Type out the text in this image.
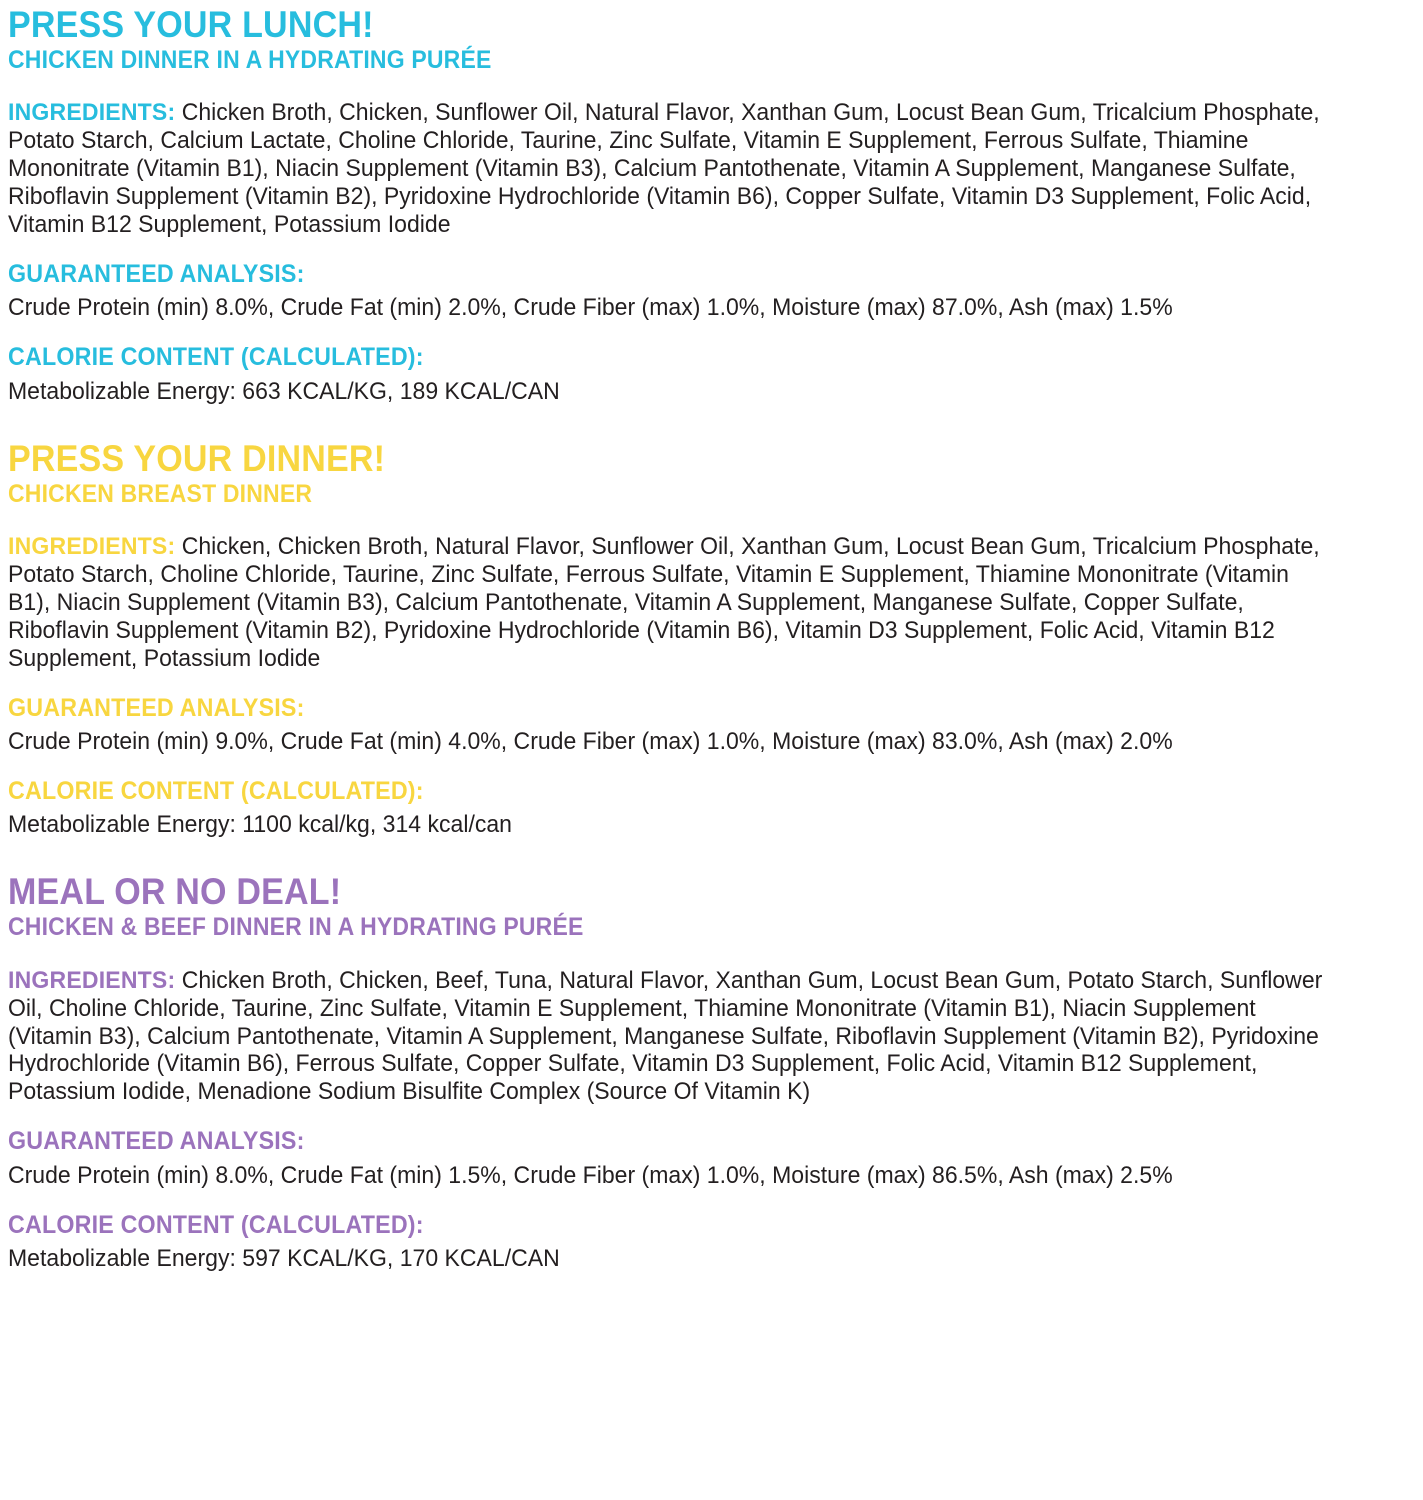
PRESS YOUR LUNCH!
CHICKEN DINNER IN A HYDRATING PURÉE

INGREDIENTS: Chicken Broth, Chicken, Sunflower Oil, Natural Flavor, Xanthan Gum, Locust Bean Gum, Tricalcium Phosphate, Potato Starch, Calcium Lactate, Choline Chloride, Taurine, Zinc Sulfate, Vitamin E Supplement, Ferrous Sulfate, Thiamine Mononitrate (Vitamin B1), Niacin Supplement (Vitamin B3), Calcium Pantothenate, Vitamin A Supplement, Manganese Sulfate, Riboflavin Supplement (Vitamin B2), Pyridoxine Hydrochloride (Vitamin B6), Copper Sulfate, Vitamin D3 Supplement, Folic Acid, Vitamin B12 Supplement, Potassium Iodide

GUARANTEED ANALYSIS:

Crude Protein (min) 8.0%, Crude Fat (min) 2.0%, Crude Fiber (max) 1.0%, Moisture (max) 87.0%, Ash (max) 1.5%

CALORIE CONTENT (CALCULATED):

Metabolizable Energy: 663 KCAL/KG, 189 KCAL/CAN

PRESS YOUR DINNER!
CHICKEN BREAST DINNER

INGREDIENTS: Chicken, Chicken Broth, Natural Flavor, Sunflower Oil, Xanthan Gum, Locust Bean Gum, Tricalcium Phosphate, Potato Starch, Choline Chloride, Taurine, Zinc Sulfate, Ferrous Sulfate, Vitamin E Supplement, Thiamine Mononitrate (Vitamin B1), Niacin Supplement (Vitamin B3), Calcium Pantothenate, Vitamin A Supplement, Manganese Sulfate, Copper Sulfate, Riboflavin Supplement (Vitamin B2), Pyridoxine Hydrochloride (Vitamin B6), Vitamin D3 Supplement, Folic Acid, Vitamin B12 Supplement, Potassium Iodide

GUARANTEED ANALYSIS:

Crude Protein (min) 9.0%, Crude Fat (min) 4.0%, Crude Fiber (max) 1.0%, Moisture (max) 83.0%, Ash (max) 2.0%

CALORIE CONTENT (CALCULATED):

Metabolizable Energy: 1100 kcal/kg, 314 kcal/can

MEAL OR NO DEAL!
CHICKEN & BEEF DINNER IN A HYDRATING PURÉE

INGREDIENTS: Chicken Broth, Chicken, Beef, Tuna, Natural Flavor, Xanthan Gum, Locust Bean Gum, Potato Starch, Sunflower Oil, Choline Chloride, Taurine, Zinc Sulfate, Vitamin E Supplement, Thiamine Mononitrate (Vitamin B1), Niacin Supplement (Vitamin B3), Calcium Pantothenate, Vitamin A Supplement, Manganese Sulfate, Riboflavin Supplement (Vitamin B2), Pyridoxine Hydrochloride (Vitamin B6), Ferrous Sulfate, Copper Sulfate, Vitamin D3 Supplement, Folic Acid, Vitamin B12 Supplement, Potassium Iodide, Menadione Sodium Bisulfite Complex (Source Of Vitamin K)

GUARANTEED ANALYSIS:

Crude Protein (min) 8.0%, Crude Fat (min) 1.5%, Crude Fiber (max) 1.0%, Moisture (max) 86.5%, Ash (max) 2.5%

CALORIE CONTENT (CALCULATED):

Metabolizable Energy: 597 KCAL/KG, 170 KCAL/CAN
